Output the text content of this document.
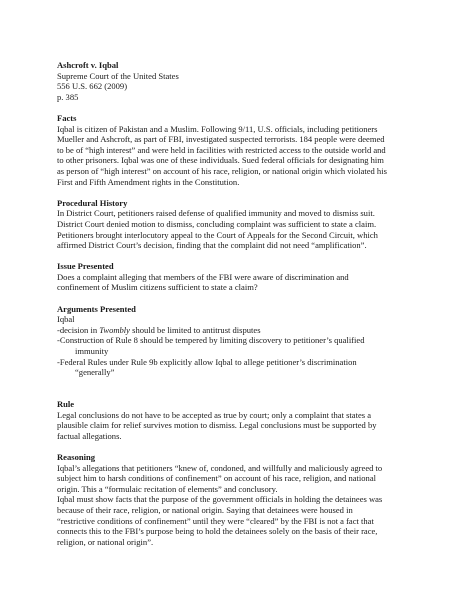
Ashcroft v. Iqbal
Supreme Court of the United States
556 U.S. 662 (2009)
p. 385
Facts
Iqbal is citizen of Pakistan and a Muslim. Following 9/11, U.S. officials, including petitioners
Mueller and Ashcroft, as part of FBI, investigated suspected terrorists. 184 people were deemed
to be of “high interest” and were held in facilities with restricted access to the outside world and
to other prisoners. Iqbal was one of these individuals. Sued federal officials for designating him
as person of “high interest” on account of his race, religion, or national origin which violated his
First and Fifth Amendment rights in the Constitution.
Procedural History
In District Court, petitioners raised defense of qualified immunity and moved to dismiss suit.
District Court denied motion to dismiss, concluding complaint was sufficient to state a claim.
Petitioners brought interlocutory appeal to the Court of Appeals for the Second Circuit, which
affirmed District Court’s decision, finding that the complaint did not need “amplification”.
Issue Presented
Does a complaint alleging that members of the FBI were aware of discrimination and
confinement of Muslim citizens sufficient to state a claim?
Arguments Presented
Iqbal
-decision in Twombly should be limited to antitrust disputes
-Construction of Rule 8 should be tempered by limiting discovery to petitioner’s qualified
immunity
-Federal Rules under Rule 9b explicitly allow Iqbal to allege petitioner’s discrimination
“generally”
Rule
Legal conclusions do not have to be accepted as true by court; only a complaint that states a
plausible claim for relief survives motion to dismiss. Legal conclusions must be supported by
factual allegations.
Reasoning
Iqbal’s allegations that petitioners “knew of, condoned, and willfully and maliciously agreed to
subject him to harsh conditions of confinement” on account of his race, religion, and national
origin. This a “formulaic recitation of elements” and conclusory.
Iqbal must show facts that the purpose of the government officials in holding the detainees was
because of their race, religion, or national origin. Saying that detainees were housed in
“restrictive conditions of confinement” until they were “cleared” by the FBI is not a fact that
connects this to the FBI’s purpose being to hold the detainees solely on the basis of their race,
religion, or national origin”.
